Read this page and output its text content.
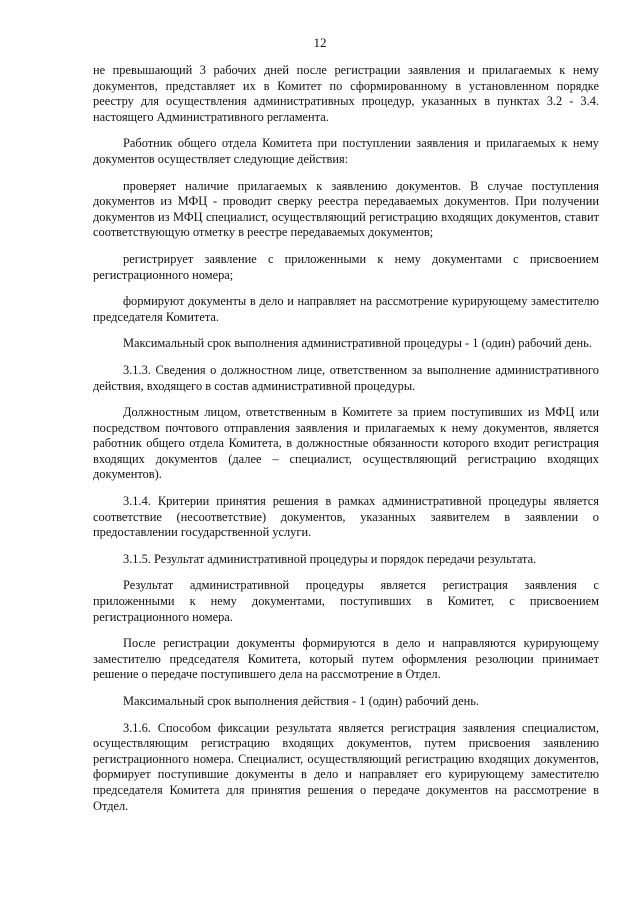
12

не превышающий 3 рабочих дней после регистрации заявления и прилагаемых к нему документов, представляет их в Комитет по сформированному в установленном порядке реестру для осуществления административных процедур, указанных в пунктах 3.2 - 3.4. настоящего Административного регламента.

Работник общего отдела Комитета при поступлении заявления и прилагаемых к нему документов осуществляет следующие действия:

проверяет наличие прилагаемых к заявлению документов. В случае поступления документов из МФЦ - проводит сверку реестра передаваемых документов. При получении документов из МФЦ специалист, осуществляющий регистрацию входящих документов, ставит соответствующую отметку в реестре передаваемых документов;

регистрирует заявление с приложенными к нему документами с присвоением регистрационного номера;

формируют документы в дело и направляет на рассмотрение курирующему заместителю председателя Комитета.

Максимальный срок выполнения административной процедуры - 1 (один) рабочий день.

3.1.3. Сведения о должностном лице, ответственном за выполнение административного действия, входящего в состав административной процедуры.

Должностным лицом, ответственным в Комитете за прием поступивших из МФЦ или посредством почтового отправления заявления и прилагаемых к нему документов, является работник общего отдела Комитета, в должностные обязанности которого входит регистрация входящих документов (далее – специалист, осуществляющий регистрацию входящих документов).

3.1.4. Критерии принятия решения в рамках административной процедуры является соответствие (несоответствие) документов, указанных заявителем в заявлении о предоставлении государственной услуги.

3.1.5. Результат административной процедуры и порядок передачи результата.

Результат административной процедуры является регистрация заявления с приложенными к нему документами, поступивших в Комитет, с присвоением регистрационного номера.

После регистрации документы формируются в дело и направляются курирующему заместителю председателя Комитета, который путем оформления резолюции принимает решение о передаче поступившего дела на рассмотрение в Отдел.

Максимальный срок выполнения действия - 1 (один) рабочий день.

3.1.6. Способом фиксации результата является регистрация заявления специалистом, осуществляющим регистрацию входящих документов, путем присвоения заявлению регистрационного номера. Специалист, осуществляющий регистрацию входящих документов, формирует поступившие документы в дело и направляет его курирующему заместителю председателя Комитета для принятия решения о передаче документов на рассмотрение в Отдел.
